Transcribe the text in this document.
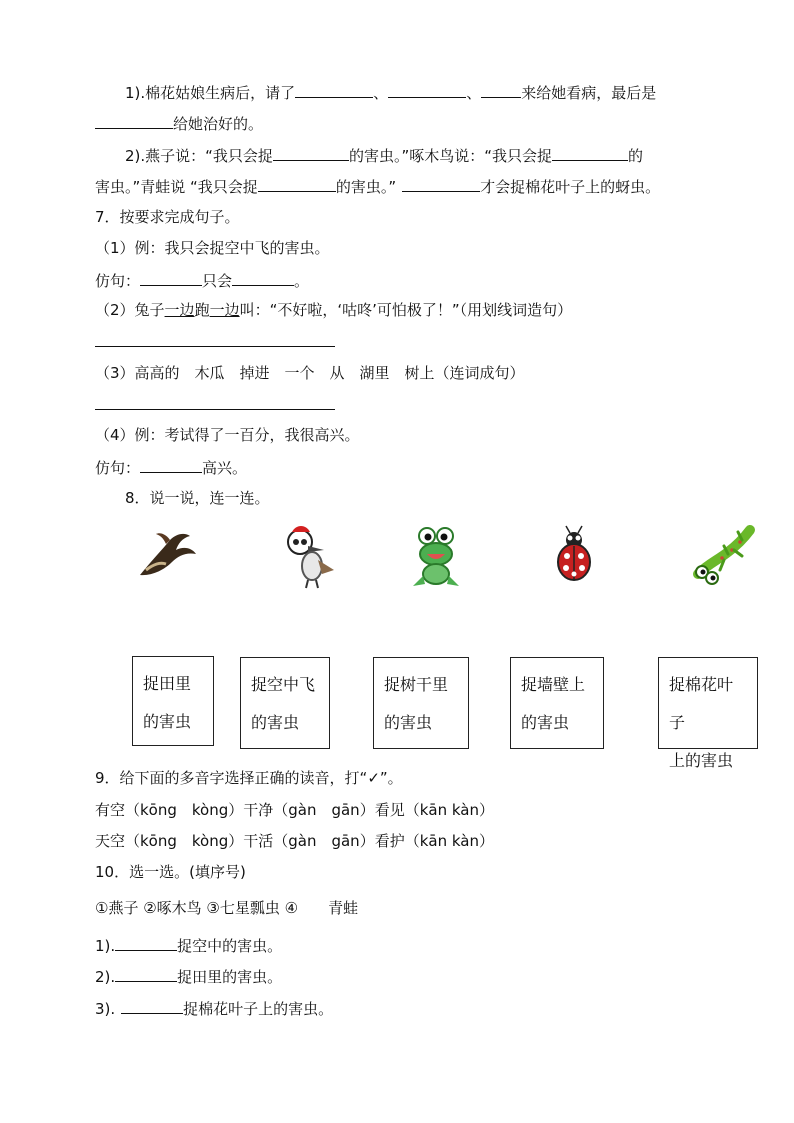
1).棉花姑娘生病后，请了	、	、	来给她看病，最后是
给她治好的。
2).燕子说：“我只会捉	的害虫。”啄木鸟说：“我只会捉	的
害虫。”青蛙说 “我只会捉	的害虫。”	才会捉棉花叶子上的蚜虫。
7．按要求完成句子。
（1）例：我只会捉空中飞的害虫。
仿句：	只会	。
（2）兔子一边跑一边叫：“不好啦，‘咕咚’可怕极了！”（用划线词造句）
（3）高高的　木瓜　掉进　一个　从　湖里　树上（连词成句）
（4）例：考试得了一百分，我很高兴。
仿句：	高兴。
8．说一说，连一连。
捉田里
的害虫
捉空中飞
的害虫
捉树干里
的害虫
捉墙壁上
的害虫
捉棉花叶子
上的害虫
9．给下面的多音字选择正确的读音，打“✓”。
有空（kōng　kòng）干净（gàn　gān）看见（kān kàn）
天空（kōng　kòng）干活（gàn　gān）看护（kān kàn）
10．选一选。(填序号)
①燕子 ②啄木鸟 ③七星瓢虫 ④　　青蛙
1).	捉空中的害虫。
2).	捉田里的害虫。
3).	捉棉花叶子上的害虫。
